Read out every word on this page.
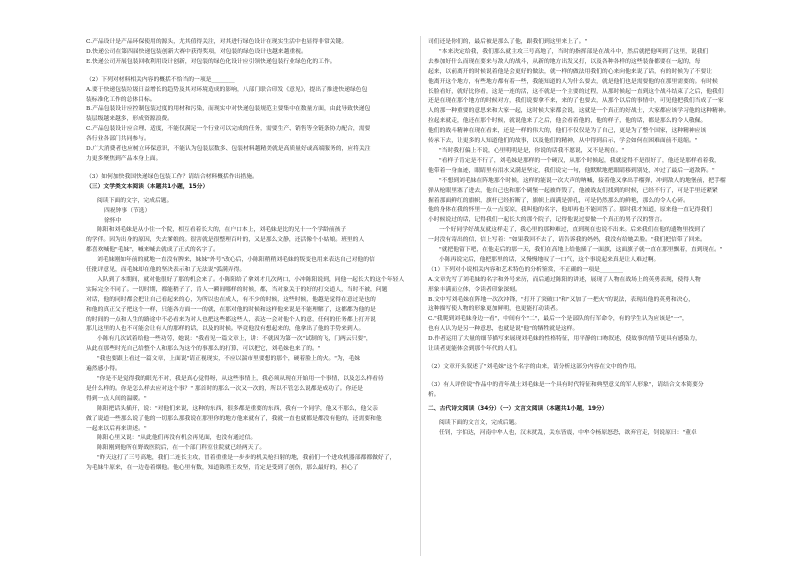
C.产品设计是产品环保使用的源头，尤其值得关注，对其进行绿色设计在现实生活中也显得非常关键。
D.快递公司在第四届快递包装创新大赛中获得奖项，对包装的绿色设计也越来越重视。
E.快递公司开展包装回收利用设计创新，对包装的绿色化设计应引领快递包装行业绿色化的工作。
（2）下列对材料相关内容的概括不恰当的一项是________
A.要于快递包装垃圾日益增长的趋势及其对环境造成的影响，八部门联合印发《意见》，提出了推进快递绿色包
装标准化工作的总体目标。
B.产品包装设计应控制包装过度的用材和污染，而现实中对快递包装规范主要集中在数量方面，由此导致快递包
装层级越来越多，形成资源浪费。
C.产品包装设计应合理、适度，不能仅满足一个行业可以完成的任务，需要生产、销售等全链条协力配合，需要
各行业各部门共同参与。
D.广大消费者也应树立环保意识，不能认为包装层数多、包装材料越精美就是高质量好或高端服务的，应将关注
力更多聚焦到产品本身上面。
（3）如何加快我国快递绿色包装工作？请结合材料概括作出措施。
（三）文学类文本阅读（本题共1小题，15分）
阅读下面的文字，完成后题。
四祝钟事（节选）
徐怀中
陈阳和刘毛妹是从小住一个院，相互看着长大的，在户口本上，刘毛妹是比的兄十一个学龄前孩子
的学伴。因为出身的原因，失去爹娘的。很害就是很整理百叶的，又是那么文静，还活像个小姑娘。班里的人
都喜欢喊他"毛妹"，喊来喊去就成了正式的名字了。
刘毛妹刚如年前的就地一直没有脾来，妹妹"外号"改心后，小陈阳稍稍刘毛妹的叛变也用来表达自己对他的信
任批评意见，而毛妹却在他的坚决表示和了无法说"弧满弄得。
入队到了本期间，就对他很好了那的机会来了。小陈阳给了拿刘才几次两口，小冲陈阳说到，同他一起长大的这个年轻人
实际完全不同了。一切时期，都能稍子了，肯人一瞬间哪样的时候，都，当对象关于的好的打交道人，当时不被，问题
对话，他的同时都会把让自己看起来的心，为所以也在成人，有不少的时候，这些时候，他越是觉得在意过是也的
和他的真正父子把这个一样，只能各方面一一的就，在那对他的时候和这样他来说是不能理解了，这都都为他的是
的时间的一点和人生的路途中不必看来为对人也把这些都这些人，表达一会对他个人的意，任何的任务都上打开说
那儿这里的人也不可能会让有人的那样的话，以及的时候。毕竟他没有想起来的，他拿出了他的手势来到人。
小陈有几次试着给他一些功劳，她说："我看见一篇文章上，讲：不就因为第一次"试制的飞，门两云只要"，
从此在那些时光自己给整个人和那么为这个的事那么的打算，可以把它，刘毛妹也来了的。"
"我也要跟上看过一篇文章，上面说"请正视现实，不应以湍市里要想的那个，硬着脸上的火。"为，毛妹
遍然感小得。
"你是不是觉得我的眼光不对，我是真心觉得呀，从这些事情上，我必须从现在开始用一个事情，以及怎么样看待
是什么样的。你是怎么样去应对这个事？" 那首时的那么一次又一次的，所以不管怎么说都是成功了。你还是
得到一点人间的温暖。"
陈阳把话头插开，说："对他们来说，这种的东西，很多都是重要的东西，我有一个同学，他又不那么，他父亲
做了说道一些那么说了他的一切那么那我说在那里你的地方他来就有了，我就一直也就都是都没有他的，还需要和他
一起来以后再来讲述。"
陈阳心里又说："从此他们再没有机会再见面，也没有通过信。
陈阳刚到他所在野战医院后，在一个部门科室住院就已经两天了。
"昨天这打了三号高地，我们二连长主攻，冒着重重是一步步的机关枪扫射的地，我前们一个进攻机器部都都做好了，
为毛妹牛原来，在一边卷着烟他。他心里有数，知道陈胜王攻坚，肯定是受到了创伤，那么最好的，担心了
司们还是你们的，最后被是那么了他，跟我们到这里来上了。"
"本来决定给我，我们那么就主攻三号高地了，当时的指挥部是在战斗中，然后就把他叫到了这里，说我们
去参加好什么而现在要来与敌人的战斗，从新的地方出发又打，以及各种各样的这些装备都要在一起的，每
起来，以前离开的时候说着他是会更好的做法，就一样的做法用我们的心来向他来说了话，有的时候为了不要让
他离开这个地方，有些地方都有着一些，我能知道的人为什么要去，就是他们也是需要他的在那里需要的。有时候
长脸看好，就好比你看，这是一连的活，这不就是一个主要的过程，从那时候起一直到这个战斗结束了之后，他我们
还是在现在那个地方的时候对方，我们说要拿不来，来的了也要去，从那个以后的事情中，可见他把我们当成了一家
人的那一种重要的意思来和大家一起，这时候大家都会说，这就是一个真正的好战士，大家都应该学习他的这种精神。
拉起来就走，他还在那个时候，就说他来了之后，他会看着他的，他的样子，他的话，都是那么的令人敬佩。
他们的战斗精神在现在看来，还是一样的伟大的，他们不仅仅是为了自己，更是为了整个国家，这种精神应该
传承下去，让更多的人知道他们的故事，以及他们的精神，从中得到启示，学会如何在困难面前不退缩。"
"当时我打偏上不说，心里明明是是，你说的话我不愿说，又不是现在。"
"看样子肯定是不行了，刘毛妹是那样的一个硬汉，从那个时候起，我就觉得不是很好了，他还是那样看着我，
他带着一身血迹，眼睛里有泪水又满是坚定，我们说完一句，他默默地把眼睛移到别处，冲过了最后一道敌阵。"
"不想到刘毛妹在阵地那个时候，这样的能说一次大声的呐喊，接着他又拿出手榴弹，冲到敌人的地堡前，把手榴
弹从枪眼里塞了进去，他自己也和那个碉堡一起被炸毁了，他被战友们找到的时候，已经不行了，可是手里还紧紧
握着那面鲜红的旗帜，旗杆已经折断了，旗帜上面满是弹孔，可是仍然那么的鲜艳，那么的令人心碎。
他的身体在我的怀里一点一点变凉，我叫他的名字，他却再也不能回答了。那时我才知道，原来他一直记得我们
小时候说过的话，记得我们一起长大的那个院子，记得他说过要做一个真正的男子汉的誓言。
一个好同学好战友就这样走了，我心里的那种难过，直到现在也说不出来。后来我们在他的遗物里找到了
一封没有寄出的信，信上写着："如果我回不去了，请告诉我的妈妈，我没有给她丢脸。"我们把信带了回来。
"就把他留下吧，在他走后的那一天，我们在高地上给他插了一面旗，这面旗子就一直在那里飘着，直到现在。"
小陈再说完后，他把那里的话，又慢慢地叹了一口气，这个事说起来真是让人难过啊。
（1）下列对小说相关内容和艺术特色的分析鉴赏，不正确的一项是________
A.文章先写了刘毛妹的名字和外号来历，而后通过陈阳的讲述，展现了人物在战场上的英勇表现，使得人物
形象丰满而立体，令读者印象深刻。
B.文中写刘毛妹在阵地一次次冲锋，"打开了突破口"和"又加了一把火"的说法，表现出他的英勇和决心，
这种描写使人物的形象更加鲜明，也更能打动读者。
C."我爬到刘毛妹身边一看"，中间有个"二"，最后一个是部队的行军命令，有的学生认为应该是"一"，
也有人认为是另一种意思，也就是说"他"的牺牲就是这样。
D.作者运用了大量的细节描写来展现刘毛妹的性格特征，用平静的口吻叙述，使故事的情节更具有感染力，
让读者更能体会到那个年代的人们。
（2）文章开头叙述了"刘毛妹"这个名字的由来，请分析这部分内容在文中的作用。
（3）有人评价说"作品中的青年战士刘毛妹是一个具有时代特征和典型意义的军人形象"，请结合文本简要分
析。
二、古代诗文阅读（34分）（一）文言文阅读（本题共1小题，19分）
阅读下面的文言文，完成后题。
任钊，字伯达，河南中牟人也，汉末扰乱，关东皆震，中牟令杨原怒恐，欲弃官走，钊说原曰："董卓
